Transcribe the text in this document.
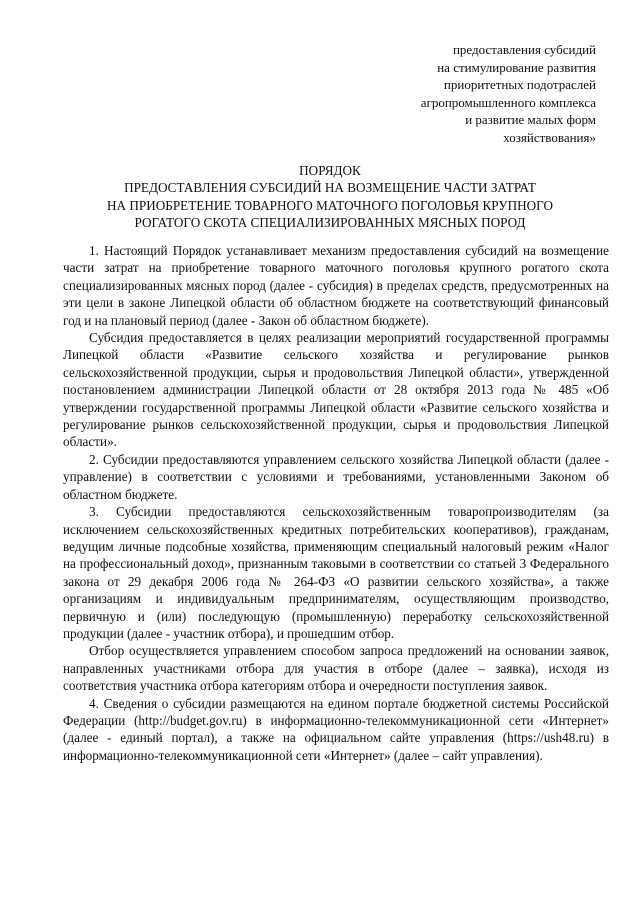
предоставления субсидий
на стимулирование развития
приоритетных подотраслей
агропромышленного комплекса
и развитие малых форм
хозяйствования»
ПОРЯДОК
ПРЕДОСТАВЛЕНИЯ СУБСИДИЙ НА ВОЗМЕЩЕНИЕ ЧАСТИ ЗАТРАТ
НА ПРИОБРЕТЕНИЕ ТОВАРНОГО МАТОЧНОГО ПОГОЛОВЬЯ КРУПНОГО
РОГАТОГО СКОТА СПЕЦИАЛИЗИРОВАННЫХ МЯСНЫХ ПОРОД

1. Настоящий Порядок устанавливает механизм предоставления субсидий на возмещение части затрат на приобретение товарного маточного поголовья крупного рогатого скота специализированных мясных пород (далее - субсидия) в пределах средств, предусмотренных на эти цели в законе Липецкой области об областном бюджете на соответствующий финансовый год и на плановый период (далее - Закон об областном бюджете).

Субсидия предоставляется в целях реализации мероприятий государственной программы Липецкой области «Развитие сельского хозяйства и регулирование рынков сельскохозяйственной продукции, сырья и продовольствия Липецкой области», утвержденной постановлением администрации Липецкой области от 28 октября 2013 года № 485 «Об утверждении государственной программы Липецкой области «Развитие сельского хозяйства и регулирование рынков сельскохозяйственной продукции, сырья и продовольствия Липецкой области».

2. Субсидии предоставляются управлением сельского хозяйства Липецкой области (далее - управление) в соответствии с условиями и требованиями, установленными Законом об областном бюджете.

3. Субсидии предоставляются сельскохозяйственным товаропроизводителям (за исключением сельскохозяйственных кредитных потребительских кооперативов), гражданам, ведущим личные подсобные хозяйства, применяющим специальный налоговый режим «Налог на профессиональный доход», признанным таковыми в соответствии со статьей 3 Федерального закона от 29 декабря 2006 года № 264-ФЗ «О развитии сельского хозяйства», а также организациям и индивидуальным предпринимателям, осуществляющим производство, первичную и (или) последующую (промышленную) переработку сельскохозяйственной продукции (далее - участник отбора), и прошедшим отбор.

Отбор осуществляется управлением способом запроса предложений на основании заявок, направленных участниками отбора для участия в отборе (далее – заявка), исходя из соответствия участника отбора категориям отбора и очередности поступления заявок.

4. Сведения о субсидии размещаются на едином портале бюджетной системы Российской Федерации (http://budget.gov.ru) в информационно-телекоммуникационной сети «Интернет» (далее - единый портал), а также на официальном сайте управления (https://ush48.ru) в информационно-телекоммуникационной сети «Интернет» (далее – сайт управления).
